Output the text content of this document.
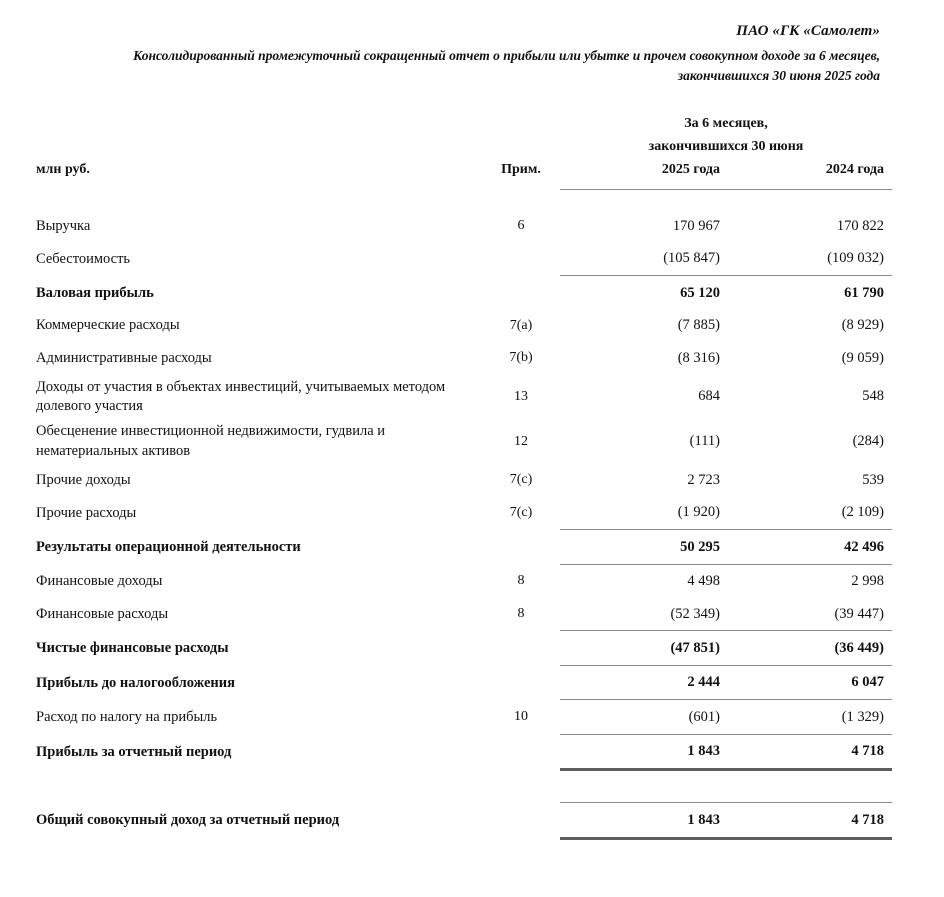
ПАО «ГК «Самолет»
Консолидированный промежуточный сокращенный отчет о прибыли или убытке и прочем совокупном доходе за 6 месяцев, закончившихся 30 июня 2025 года
		За 6 месяцев,	
		закончившихся 30 июня	
млн руб.	Прим.	2025 года	2024 года

Выручка	6	170 967	170 822
Себестоимость		(105 847)	(109 032)

Валовая прибыль		65 120	61 790
Коммерческие расходы	7(a)	(7 885)	(8 929)
Административные расходы	7(b)	(8 316)	(9 059)
Доходы от участия в объектах инвестиций, учитываемых методом долевого участия	13	684	548
Обесценение инвестиционной недвижимости, гудвила и нематериальных активов	12	(111)	(284)
Прочие доходы	7(c)	2 723	539
Прочие расходы	7(c)	(1 920)	(2 109)

Результаты операционной деятельности		50 295	42 496

Финансовые доходы	8	4 498	2 998
Финансовые расходы	8	(52 349)	(39 447)

Чистые финансовые расходы		(47 851)	(36 449)

Прибыль до налогообложения		2 444	6 047

Расход по налогу на прибыль	10	(601)	(1 329)

Прибыль за отчетный период		1 843	4 718

Общий совокупный доход за отчетный период		1 843	4 718
